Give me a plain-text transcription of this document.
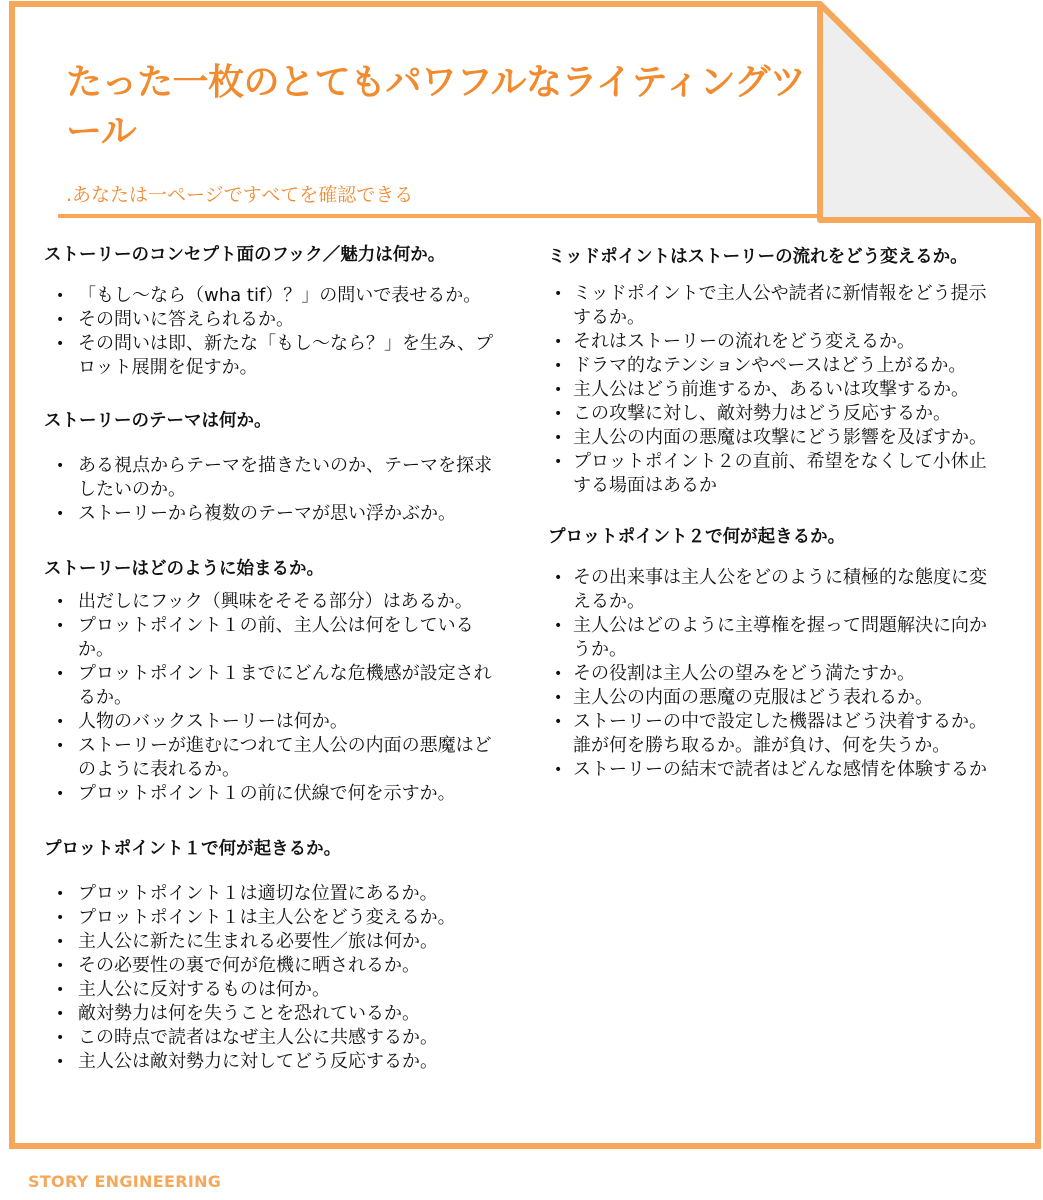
たった一枚のとてもパワフルなライティングツール

.あなたは一ページですべてを確認できる

ストーリーのコンセプト面のフック／魅力は何か。
• 「もし～なら（wha tif）？」の問いで表せるか。
• その問いに答えられるか。
• その問いは即、新たな「もし～なら？」を生み、プロット展開を促すか。
ストーリーのテーマは何か。
• ある視点からテーマを描きたいのか、テーマを探求したいのか。
• ストーリーから複数のテーマが思い浮かぶか。
ストーリーはどのように始まるか。
• 出だしにフック（興味をそそる部分）はあるか。
• プロットポイント１の前、主人公は何をしているか。
• プロットポイント１までにどんな危機感が設定されるか。
• 人物のバックストーリーは何か。
• ストーリーが進むにつれて主人公の内面の悪魔はどのように表れるか。
• プロットポイント１の前に伏線で何を示すか。
プロットポイント１で何が起きるか。
• プロットポイント１は適切な位置にあるか。
• プロットポイント１は主人公をどう変えるか。
• 主人公に新たに生まれる必要性／旅は何か。
• その必要性の裏で何が危機に晒されるか。
• 主人公に反対するものは何か。
• 敵対勢力は何を失うことを恐れているか。
• この時点で読者はなぜ主人公に共感するか。
• 主人公は敵対勢力に対してどう反応するか。
ミッドポイントはストーリーの流れをどう変えるか。
• ミッドポイントで主人公や読者に新情報をどう提示するか。
• それはストーリーの流れをどう変えるか。
• ドラマ的なテンションやペースはどう上がるか。
• 主人公はどう前進するか、あるいは攻撃するか。
• この攻撃に対し、敵対勢力はどう反応するか。
• 主人公の内面の悪魔は攻撃にどう影響を及ぼすか。
• プロットポイント２の直前、希望をなくして小休止する場面はあるか
プロットポイント２で何が起きるか。
• その出来事は主人公をどのように積極的な態度に変えるか。
• 主人公はどのように主導権を握って問題解決に向かうか。
• その役割は主人公の望みをどう満たすか。
• 主人公の内面の悪魔の克服はどう表れるか。
• ストーリーの中で設定した機器はどう決着するか。誰が何を勝ち取るか。誰が負け、何を失うか。
• ストーリーの結末で読者はどんな感情を体験するか
STORY ENGINEERING
